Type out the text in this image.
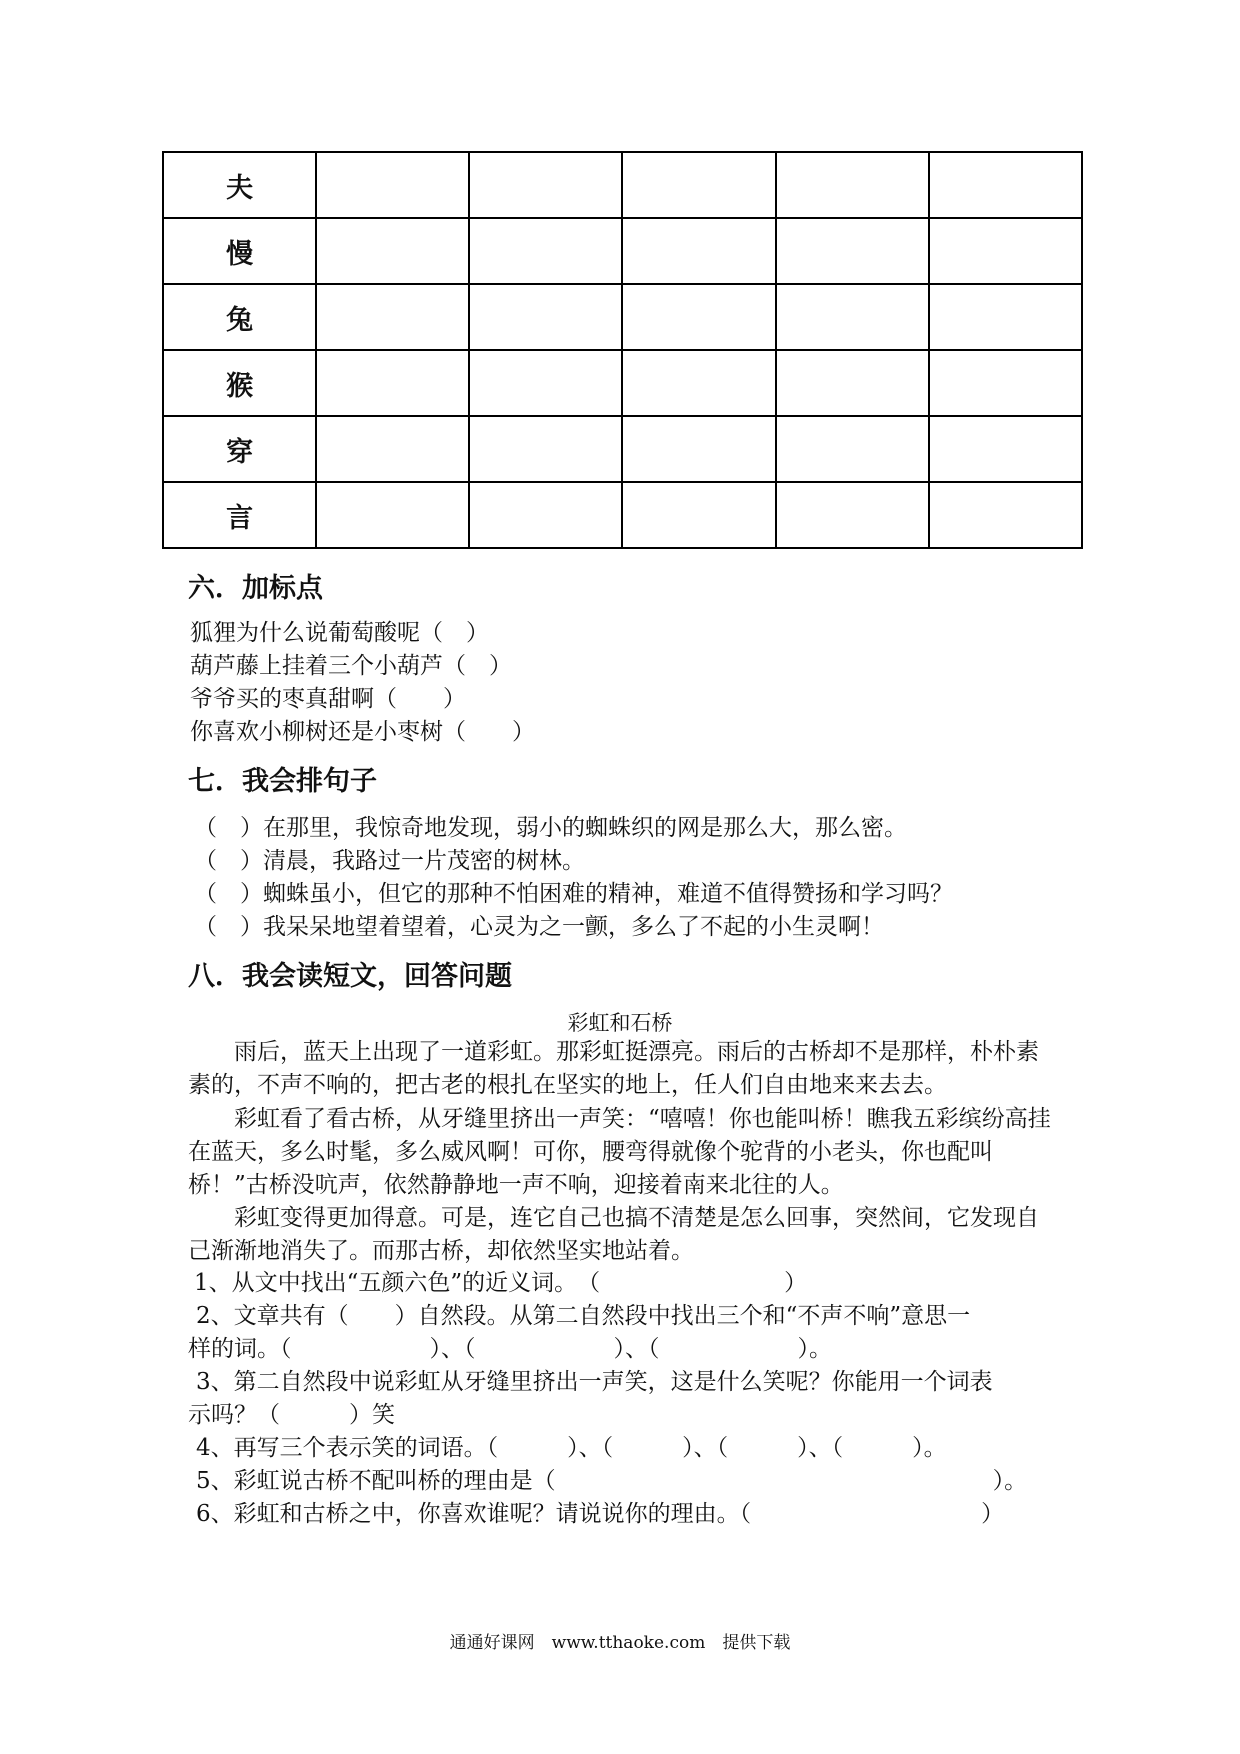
夫					
慢					
兔					
猴					
穿					
言					
六．加标点
狐狸为什么说葡萄酸呢（　）
葫芦藤上挂着三个小葫芦（　）
爷爷买的枣真甜啊（　　）
你喜欢小柳树还是小枣树（　　）
七．我会排句子
（　）在那里，我惊奇地发现，弱小的蜘蛛织的网是那么大，那么密。
（　）清晨，我路过一片茂密的树林。
（　）蜘蛛虽小，但它的那种不怕困难的精神，难道不值得赞扬和学习吗？
（　）我呆呆地望着望着，心灵为之一颤，多么了不起的小生灵啊！
八．我会读短文，回答问题
彩虹和石桥

雨后，蓝天上出现了一道彩虹。那彩虹挺漂亮。雨后的古桥却不是那样，朴朴素素的，不声不响的，把古老的根扎在坚实的地上，任人们自由地来来去去。

彩虹看了看古桥，从牙缝里挤出一声笑：“嘻嘻！你也能叫桥！瞧我五彩缤纷高挂在蓝天，多么时髦，多么威风啊！可你，腰弯得就像个驼背的小老头，你也配叫桥！”古桥没吭声，依然静静地一声不响，迎接着南来北往的人。

彩虹变得更加得意。可是，连它自己也搞不清楚是怎么回事，突然间，它发现自己渐渐地消失了。而那古桥，却依然坚实地站着。

1、从文中找出“五颜六色”的近义词。　（　　　　　　　　）
2、文章共有（　　）自然段。从第二自然段中找出三个和“不声不响”意思一
样的词。（　　　　　　）、（　　　　　　）、（　　　　　　）。
3、第二自然段中说彩虹从牙缝里挤出一声笑，这是什么笑呢？你能用一个词表
示吗？（　　　）笑
4、再写三个表示笑的词语。（　　　）、（　　　）、（　　　）、（　　　）。
5、彩虹说古桥不配叫桥的理由是（　　　　　　　　　　　　　　　　　　　）。
6、彩虹和古桥之中，你喜欢谁呢？请说说你的理由。（　　　　　　　　　　）
通通好课网　www.tthaoke.com　提供下载
